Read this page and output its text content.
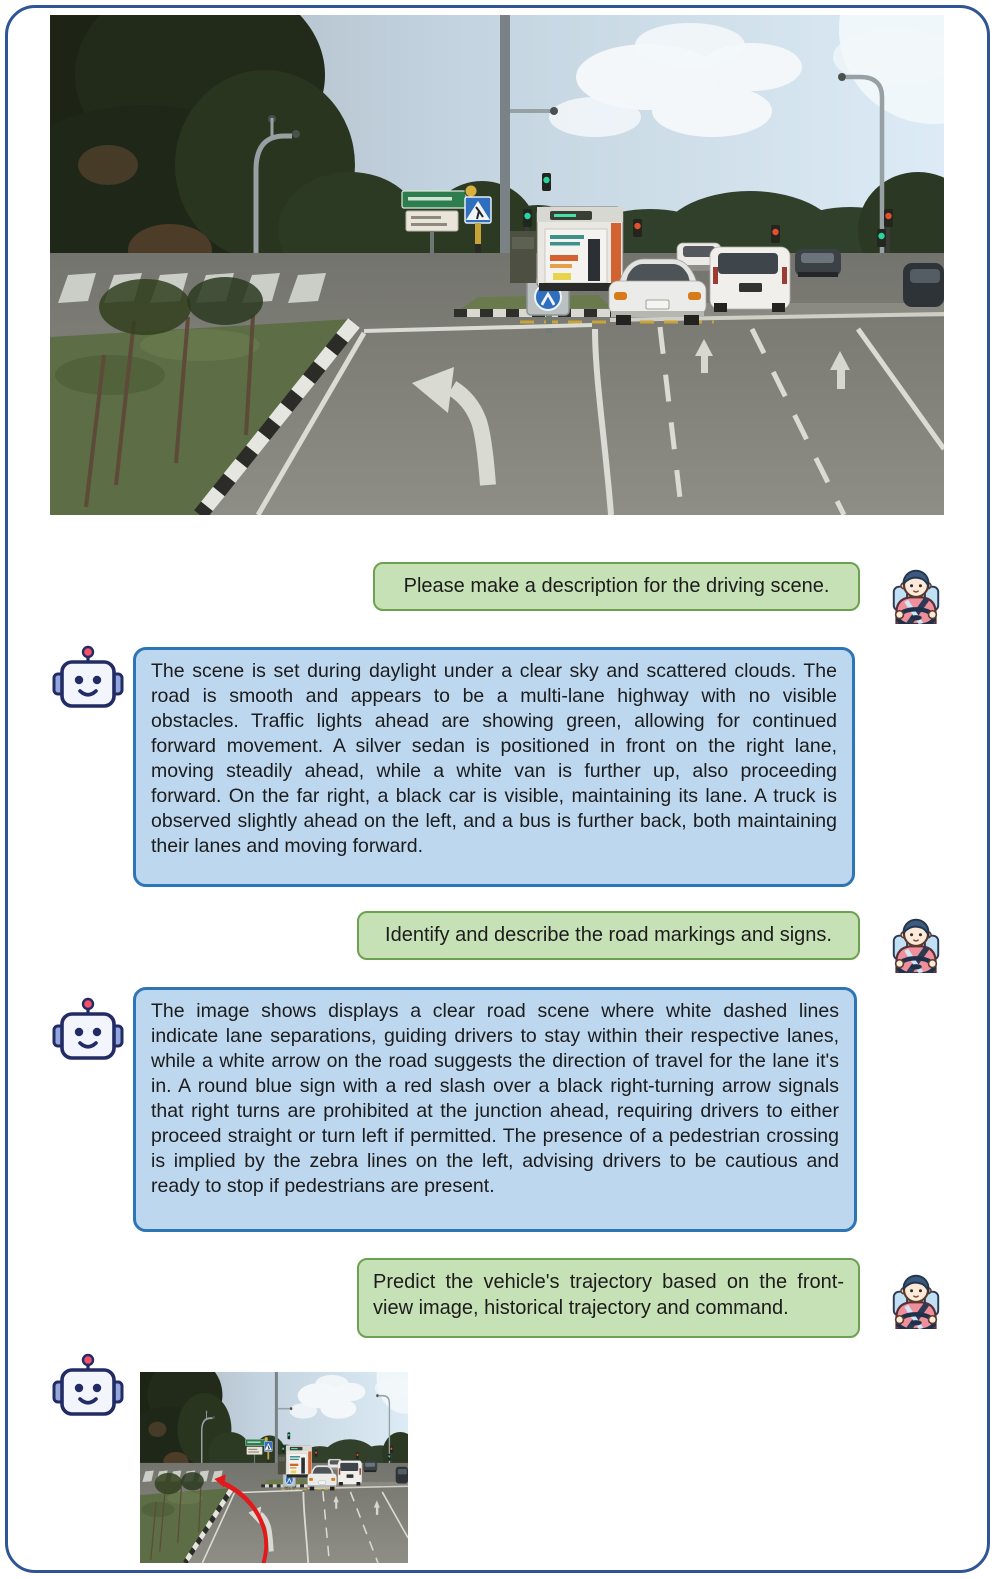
Please make a description for the driving scene.
The scene is set during daylight under a clear sky and scattered clouds. The road is smooth and appears to be a multi-lane highway with no visible obstacles. Traffic lights ahead are showing green, allowing for continued forward movement. A silver sedan is positioned in front on the right lane, moving steadily ahead, while a white van is further up, also proceeding forward. On the far right, a black car is visible, maintaining its lane. A truck is observed slightly ahead on the left, and a bus is further back, both maintaining their lanes and moving forward.
Identify and describe the road markings and signs.
The image shows displays a clear road scene where white dashed lines indicate lane separations, guiding drivers to stay within their respective lanes, while a white arrow on the road suggests the direction of travel for the lane it's in. A round blue sign with a red slash over a black right-turning arrow signals that right turns are prohibited at the junction ahead, requiring drivers to either proceed straight or turn left if permitted. The presence of a pedestrian crossing is implied by the zebra lines on the left, advising drivers to be cautious and ready to stop if pedestrians are present.
Predict the vehicle's trajectory based on the front-view image, historical trajectory and command.
